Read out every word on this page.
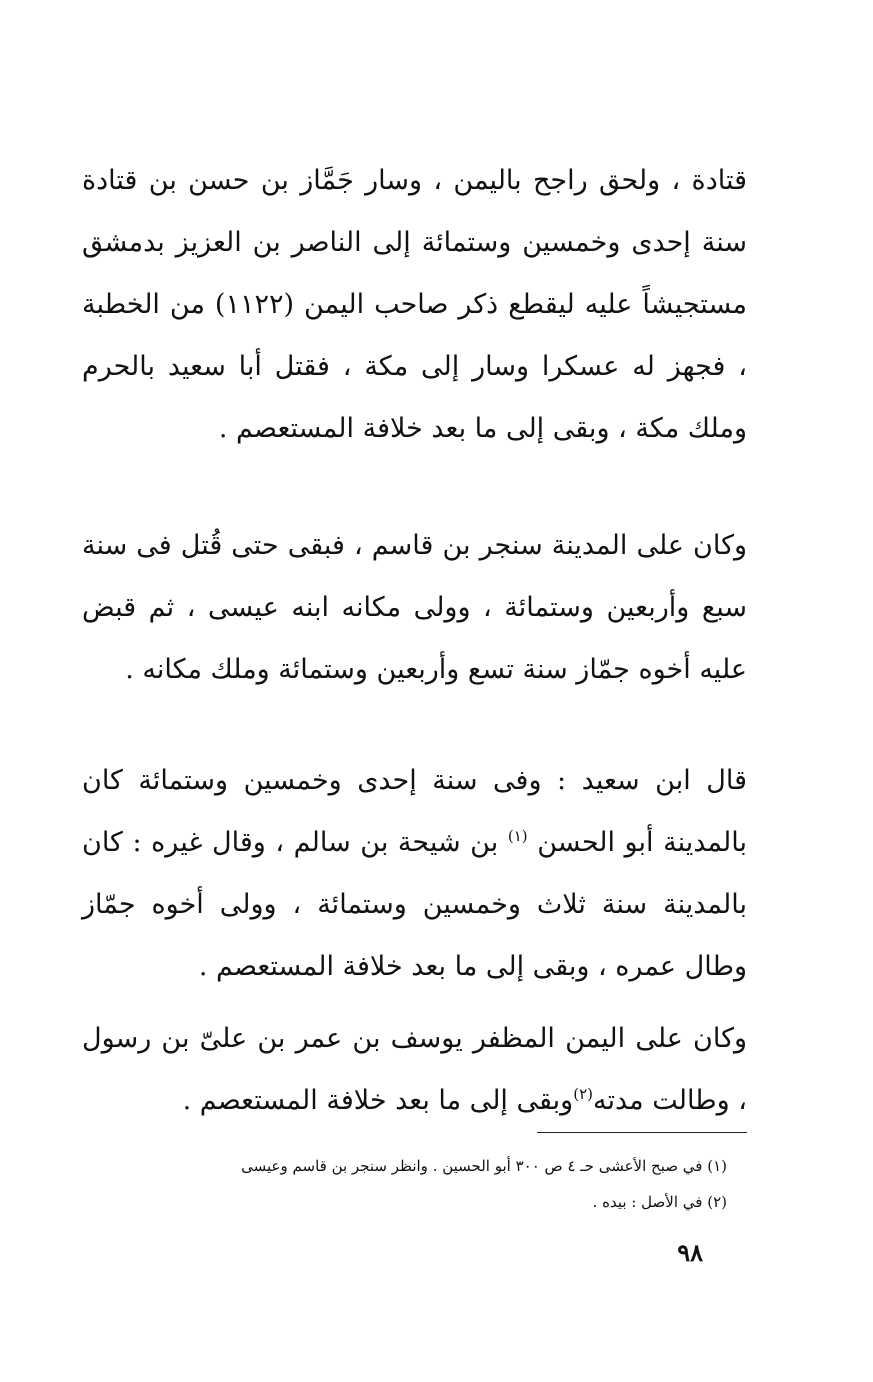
قتادة ، ولحق راجح باليمن ، وسار جَمَّاز بن حسن بن قتادة سنة إحدى وخمسين وستمائة إلى الناصر بن العزيز بدمشق مستجيشاً عليه ليقطع ذكر صاحب اليمن (١١٢٢) من الخطبة ، فجهز له عسكرا وسار إلى مكة ، فقتل أبا سعيد بالحرم وملك مكة ، وبقى إلى ما بعد خلافة المستعصم .

وكان على المدينة سنجر بن قاسم ، فبقى حتى قُتل فى سنة سبع وأربعين وستمائة ، وولى مكانه ابنه عيسى ، ثم قبض عليه أخوه جمّاز سنة تسع وأربعين وستمائة وملك مكانه .

قال ابن سعيد : وفى سنة إحدى وخمسين وستمائة كان بالمدينة أبو الحسن $^{(١)}$ بن شيحة بن سالم ، وقال غيره : كان بالمدينة سنة ثلاث وخمسين وستمائة ، وولى أخوه جمّاز وطال عمره ، وبقى إلى ما بعد خلافة المستعصم .

وكان على اليمن المظفر يوسف بن عمر بن علىّ بن رسول ، وطالت مدته$^{(٢)}$وبقى إلى ما بعد خلافة المستعصم .

(١) في صبح الأعشى حـ ٤ ص ٣٠٠ أبو الحسين . وانظر سنجر بن قاسم وعيسى

(٢) في الأصل : بيده .

٩٨
